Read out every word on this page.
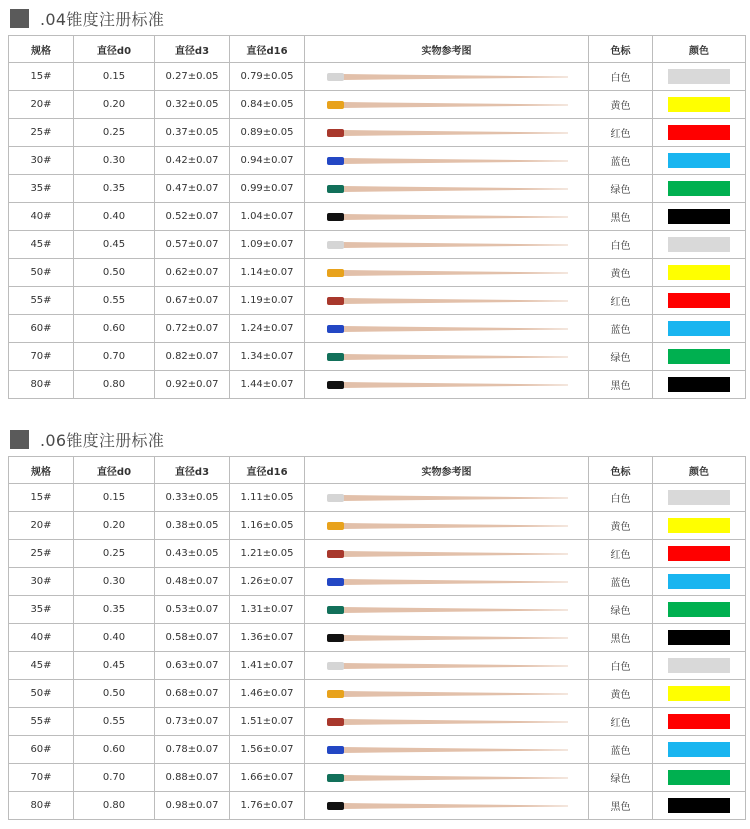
.04锥度注册标准
规格	直径d0	直径d3	直径d16	实物参考图	色标	颜色
15#	0.15	0.27±0.05	0.79±0.05		白色	
20#	0.20	0.32±0.05	0.84±0.05		黄色	
25#	0.25	0.37±0.05	0.89±0.05		红色	
30#	0.30	0.42±0.07	0.94±0.07		蓝色	
35#	0.35	0.47±0.07	0.99±0.07		绿色	
40#	0.40	0.52±0.07	1.04±0.07		黑色	
45#	0.45	0.57±0.07	1.09±0.07		白色	
50#	0.50	0.62±0.07	1.14±0.07		黄色	
55#	0.55	0.67±0.07	1.19±0.07		红色	
60#	0.60	0.72±0.07	1.24±0.07		蓝色	
70#	0.70	0.82±0.07	1.34±0.07		绿色	
80#	0.80	0.92±0.07	1.44±0.07		黑色	
.06锥度注册标准
规格	直径d0	直径d3	直径d16	实物参考图	色标	颜色
15#	0.15	0.33±0.05	1.11±0.05		白色	
20#	0.20	0.38±0.05	1.16±0.05		黄色	
25#	0.25	0.43±0.05	1.21±0.05		红色	
30#	0.30	0.48±0.07	1.26±0.07		蓝色	
35#	0.35	0.53±0.07	1.31±0.07		绿色	
40#	0.40	0.58±0.07	1.36±0.07		黑色	
45#	0.45	0.63±0.07	1.41±0.07		白色	
50#	0.50	0.68±0.07	1.46±0.07		黄色	
55#	0.55	0.73±0.07	1.51±0.07		红色	
60#	0.60	0.78±0.07	1.56±0.07		蓝色	
70#	0.70	0.88±0.07	1.66±0.07		绿色	
80#	0.80	0.98±0.07	1.76±0.07		黑色	
